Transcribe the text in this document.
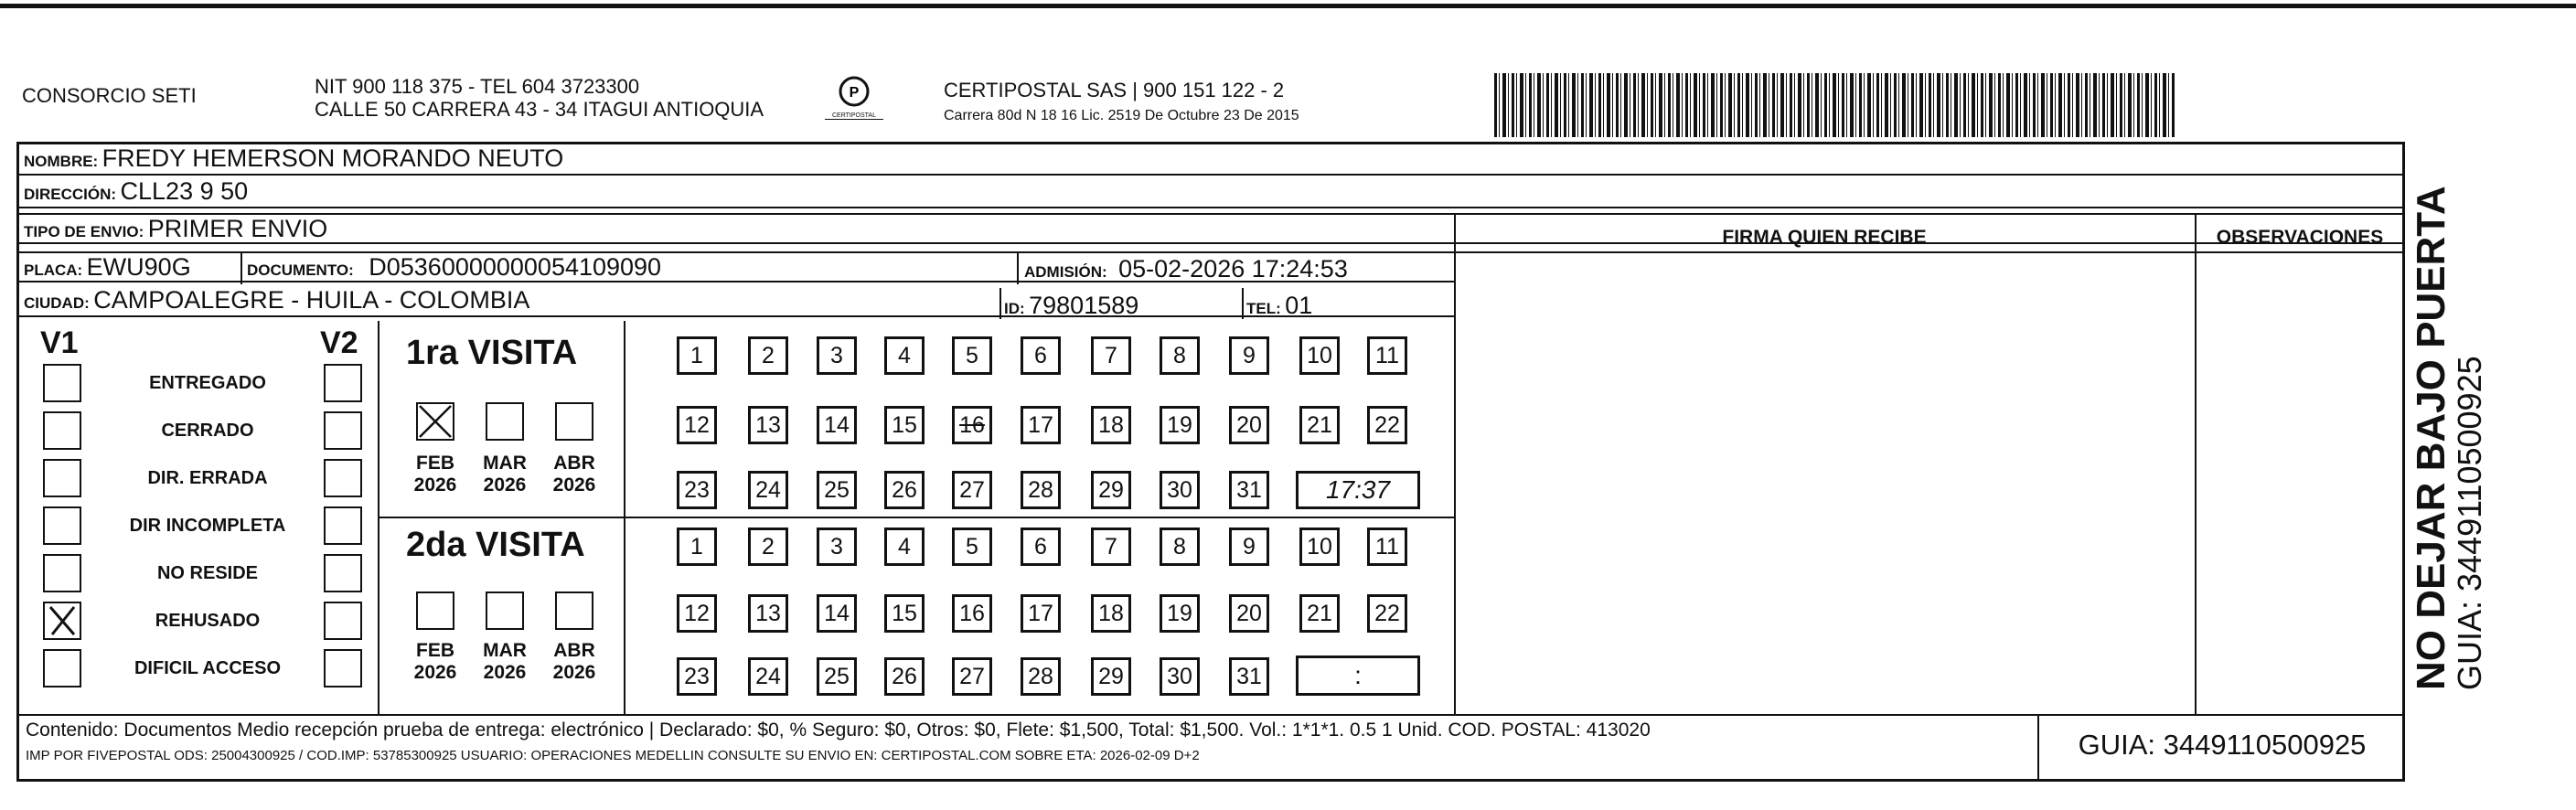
CONSORCIO SETI	NIT 900 118 375 - TEL 604 3723300
CALLE 50 CARRERA 43 - 34 ITAGUI ANTIOQUIA
P
CERTIPOSTAL
CERTIPOSTAL SAS | 900 151 122 - 2
Carrera 80d N 18 16 Lic. 2519 De Octubre 23 De 2015
NOMBRE: FREDY HEMERSON MORANDO NEUTO
DIRECCIÓN: CLL23 9 50
TIPO DE ENVIO: PRIMER ENVIO	FIRMA QUIEN RECIBE	OBSERVACIONES
PLACA: EWU90G	DOCUMENTO: D05360000000054109090	ADMISIÓN: 05-02-2026 17:24:53
CIUDAD: CAMPOALEGRE - HUILA - COLOMBIA	ID: 79801589	TEL: 01
V1	V2
ENTREGADO
CERRADO
DIR. ERRADA
DIR INCOMPLETA
NO RESIDE
REHUSADO
DIFICIL ACCESO
1ra VISITA
2da VISITA
FEB
2026
MAR
2026
ABR
2026
FEB
2026
MAR
2026
ABR
2026
1	2	3	4	5	6	7	8	9	10	11
12	13	14	15	16	17	18	19	20	21	22
23	24	25	26	27	28	29	30	31
1	2	3	4	5	6	7	8	9	10	11
12	13	14	15	16	17	18	19	20	21	22
23	24	25	26	27	28	29	30	31
17:37
:
Contenido: Documentos Medio recepción prueba de entrega: electrónico | Declarado: $0, % Seguro: $0, Otros: $0, Flete: $1,500, Total: $1,500. Vol.: 1*1*1. 0.5 1 Unid. COD. POSTAL: 413020
IMP POR FIVEPOSTAL ODS: 25004300925 / COD.IMP: 53785300925 USUARIO: OPERACIONES MEDELLIN CONSULTE SU ENVIO EN: CERTIPOSTAL.COM SOBRE ETA: 2026-02-09 D+2	GUIA: 3449110500925
NO DEJAR BAJO PUERTA
GUIA: 3449110500925
